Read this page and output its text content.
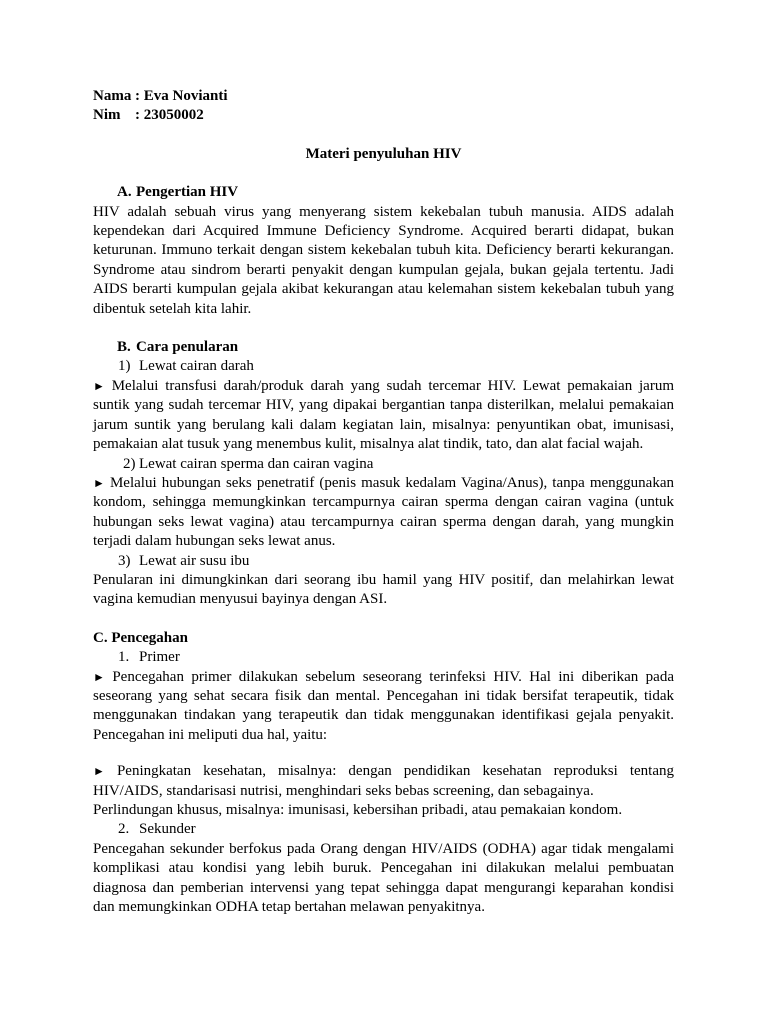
Nama : Eva Novianti
Nim : 23050002

Materi penyuluhan HIV

A. Pengertian HIV

HIV adalah sebuah virus yang menyerang sistem kekebalan tubuh manusia. AIDS adalah kependekan dari Acquired Immune Deficiency Syndrome. Acquired berarti didapat, bukan keturunan. Immuno terkait dengan sistem kekebalan tubuh kita. Deficiency berarti kekurangan. Syndrome atau sindrom berarti penyakit dengan kumpulan gejala, bukan gejala tertentu. Jadi AIDS berarti kumpulan gejala akibat kekurangan atau kelemahan sistem kekebalan tubuh yang dibentuk setelah kita lahir.

B. Cara penularan
1) Lewat cairan darah

► Melalui transfusi darah/produk darah yang sudah tercemar HIV. Lewat pemakaian jarum suntik yang sudah tercemar HIV, yang dipakai bergantian tanpa disterilkan, melalui pemakaian jarum suntik yang berulang kali dalam kegiatan lain, misalnya: penyuntikan obat, imunisasi, pemakaian alat tusuk yang menembus kulit, misalnya alat tindik, tato, dan alat facial wajah.

2) Lewat cairan sperma dan cairan vagina

► Melalui hubungan seks penetratif (penis masuk kedalam Vagina/Anus), tanpa menggunakan kondom, sehingga memungkinkan tercampurnya cairan sperma dengan cairan vagina (untuk hubungan seks lewat vagina) atau tercampurnya cairan sperma dengan darah, yang mungkin terjadi dalam hubungan seks lewat anus.

3) Lewat air susu ibu

Penularan ini dimungkinkan dari seorang ibu hamil yang HIV positif, dan melahirkan lewat vagina kemudian menyusui bayinya dengan ASI.

C. Pencegahan

1. Primer

► Pencegahan primer dilakukan sebelum seseorang terinfeksi HIV. Hal ini diberikan pada seseorang yang sehat secara fisik dan mental. Pencegahan ini tidak bersifat terapeutik, tidak menggunakan tindakan yang terapeutik dan tidak menggunakan identifikasi gejala penyakit. Pencegahan ini meliputi dua hal, yaitu:

► Peningkatan kesehatan, misalnya: dengan pendidikan kesehatan reproduksi tentang HIV/AIDS, standarisasi nutrisi, menghindari seks bebas screening, dan sebagainya.

Perlindungan khusus, misalnya: imunisasi, kebersihan pribadi, atau pemakaian kondom.

2. Sekunder

Pencegahan sekunder berfokus pada Orang dengan HIV/AIDS (ODHA) agar tidak mengalami komplikasi atau kondisi yang lebih buruk. Pencegahan ini dilakukan melalui pembuatan diagnosa dan pemberian intervensi yang tepat sehingga dapat mengurangi keparahan kondisi dan memungkinkan ODHA tetap bertahan melawan penyakitnya.
